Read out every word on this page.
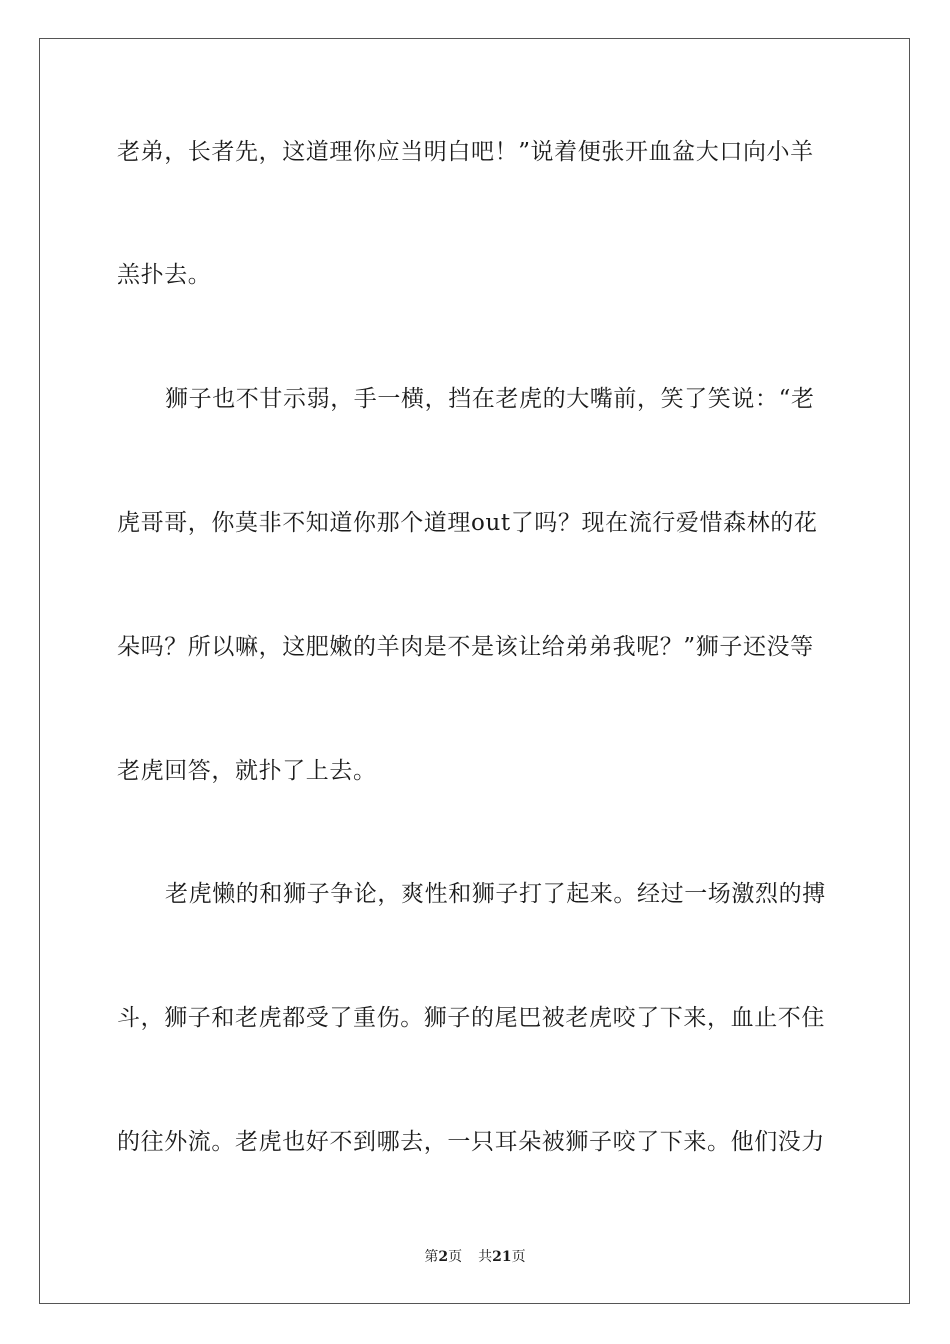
老弟，长者先，这道理你应当明白吧！”说着便张开血盆大口向小羊
羔扑去。
狮子也不甘示弱，手一横，挡在老虎的大嘴前，笑了笑说：“老
虎哥哥，你莫非不知道你那个道理out了吗？现在流行爱惜森林的花
朵吗？所以嘛，这肥嫩的羊肉是不是该让给弟弟我呢？”狮子还没等
老虎回答，就扑了上去。
老虎懒的和狮子争论，爽性和狮子打了起来。经过一场激烈的搏
斗，狮子和老虎都受了重伤。狮子的尾巴被老虎咬了下来，血止不住
的往外流。老虎也好不到哪去，一只耳朵被狮子咬了下来。他们没力
第2页 共21页
